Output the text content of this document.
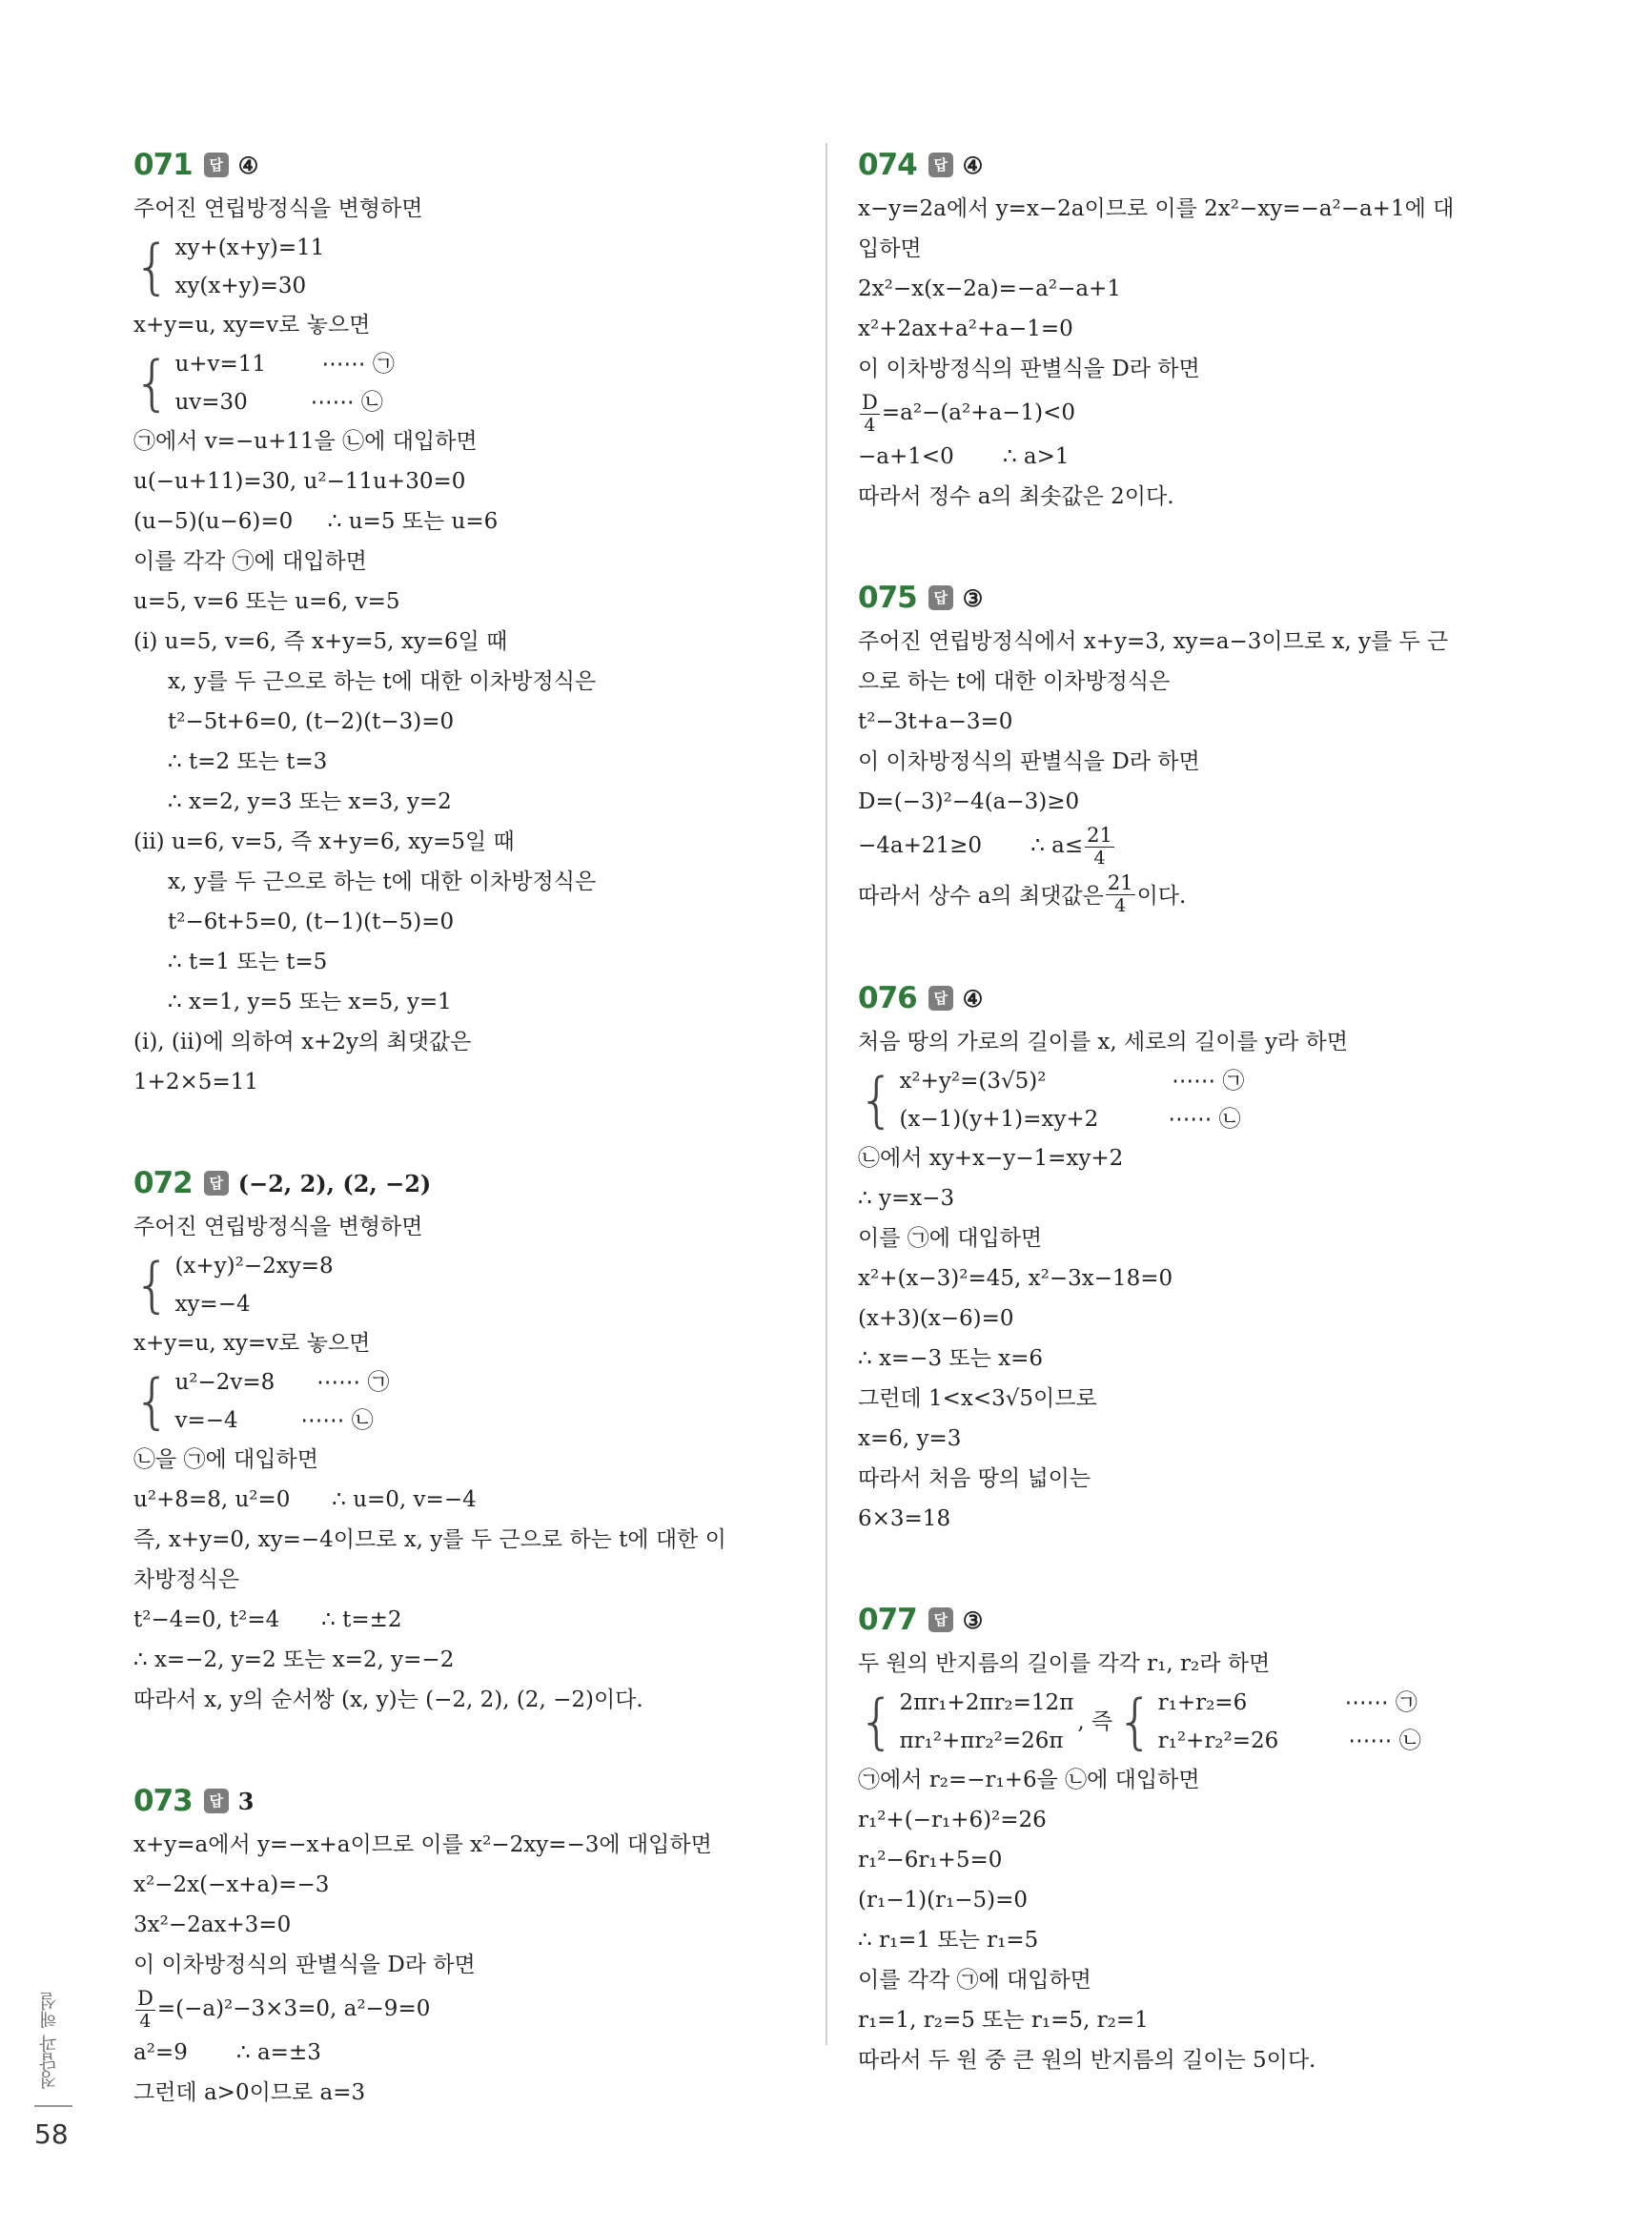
071	답 ④
주어진 연립방정식을 변형하면
{ xy+(x+y)=11
xy(x+y)=30
x+y=u, xy=v로 놓으면
{ u+v=11        ⋯⋯ ㉠
uv=30         ⋯⋯ ㉡
㉠에서 v=−u+11을 ㉡에 대입하면
u(−u+11)=30, u²−11u+30=0
(u−5)(u−6)=0     ∴ u=5 또는 u=6
이를 각각 ㉠에 대입하면
u=5, v=6 또는 u=6, v=5
(ⅰ) u=5, v=6, 즉 x+y=5, xy=6일 때
x, y를 두 근으로 하는 t에 대한 이차방정식은
t²−5t+6=0, (t−2)(t−3)=0
∴ t=2 또는 t=3
∴ x=2, y=3 또는 x=3, y=2
(ⅱ) u=6, v=5, 즉 x+y=6, xy=5일 때
x, y를 두 근으로 하는 t에 대한 이차방정식은
t²−6t+5=0, (t−1)(t−5)=0
∴ t=1 또는 t=5
∴ x=1, y=5 또는 x=5, y=1
(ⅰ), (ⅱ)에 의하여 x+2y의 최댓값은
1+2×5=11
072	답 (−2, 2), (2, −2)
주어진 연립방정식을 변형하면
{ (x+y)²−2xy=8
xy=−4
x+y=u, xy=v로 놓으면
{ u²−2v=8      ⋯⋯ ㉠
v=−4         ⋯⋯ ㉡
㉡을 ㉠에 대입하면
u²+8=8, u²=0      ∴ u=0, v=−4
즉, x+y=0, xy=−4이므로 x, y를 두 근으로 하는 t에 대한 이
차방정식은
t²−4=0, t²=4      ∴ t=±2
∴ x=−2, y=2 또는 x=2, y=−2
따라서 x, y의 순서쌍 (x, y)는 (−2, 2), (2, −2)이다.
073	답 3
x+y=a에서 y=−x+a이므로 이를 x²−2xy=−3에 대입하면
x²−2x(−x+a)=−3
3x²−2ax+3=0
이 이차방정식의 판별식을 D라 하면
$\frac{D}{4} =(-a)^2-3\times 3=0$, a²−9=0
a²=9       ∴ a=±3
그런데 a>0이므로 a=3
074	답 ④
x−y=2a에서 y=x−2a이므로 이를 2x²−xy=−a²−a+1에 대
입하면
2x²−x(x−2a)=−a²−a+1
x²+2ax+a²+a−1=0
이 이차방정식의 판별식을 D라 하면
$\frac{D}{4} =a^2-(a^2+a-1)<0$
−a+1<0       ∴ a>1
따라서 정수 a의 최솟값은 2이다.
075	답 ③
주어진 연립방정식에서 x+y=3, xy=a−3이므로 x, y를 두 근
으로 하는 t에 대한 이차방정식은
t²−3t+a−3=0
이 이차방정식의 판별식을 D라 하면
D=(−3)²−4(a−3)≥0
−4a+21≥0       ∴ $a\le \frac{21}{4}$
따라서 상수 a의 최댓값은 $\frac{21}{4}$ 이다.
076	답 ④
처음 땅의 가로의 길이를 x, 세로의 길이를 y라 하면
{ x²+y²=(3√5)²                  ⋯⋯ ㉠
(x−1)(y+1)=xy+2          ⋯⋯ ㉡
㉡에서 xy+x−y−1=xy+2
∴ y=x−3
이를 ㉠에 대입하면
x²+(x−3)²=45, x²−3x−18=0
(x+3)(x−6)=0
∴ x=−3 또는 x=6
그런데 1<x<3√5이므로
x=6, y=3
따라서 처음 땅의 넓이는
6×3=18
077	답 ③
두 원의 반지름의 길이를 각각 r₁, r₂라 하면
{ 2πr₁+2πr₂=12π
πr₁²+πr₂²=26π
, 즉 { r₁+r₂=6              ⋯⋯ ㉠
r₁²+r₂²=26          ⋯⋯ ㉡
㉠에서 r₂=−r₁+6을 ㉡에 대입하면
r₁²+(−r₁+6)²=26
r₁²−6r₁+5=0
(r₁−1)(r₁−5)=0
∴ r₁=1 또는 r₁=5
이를 각각 ㉠에 대입하면
r₁=1, r₂=5 또는 r₁=5, r₂=1
따라서 두 원 중 큰 원의 반지름의 길이는 5이다.
정답과 해설
58
